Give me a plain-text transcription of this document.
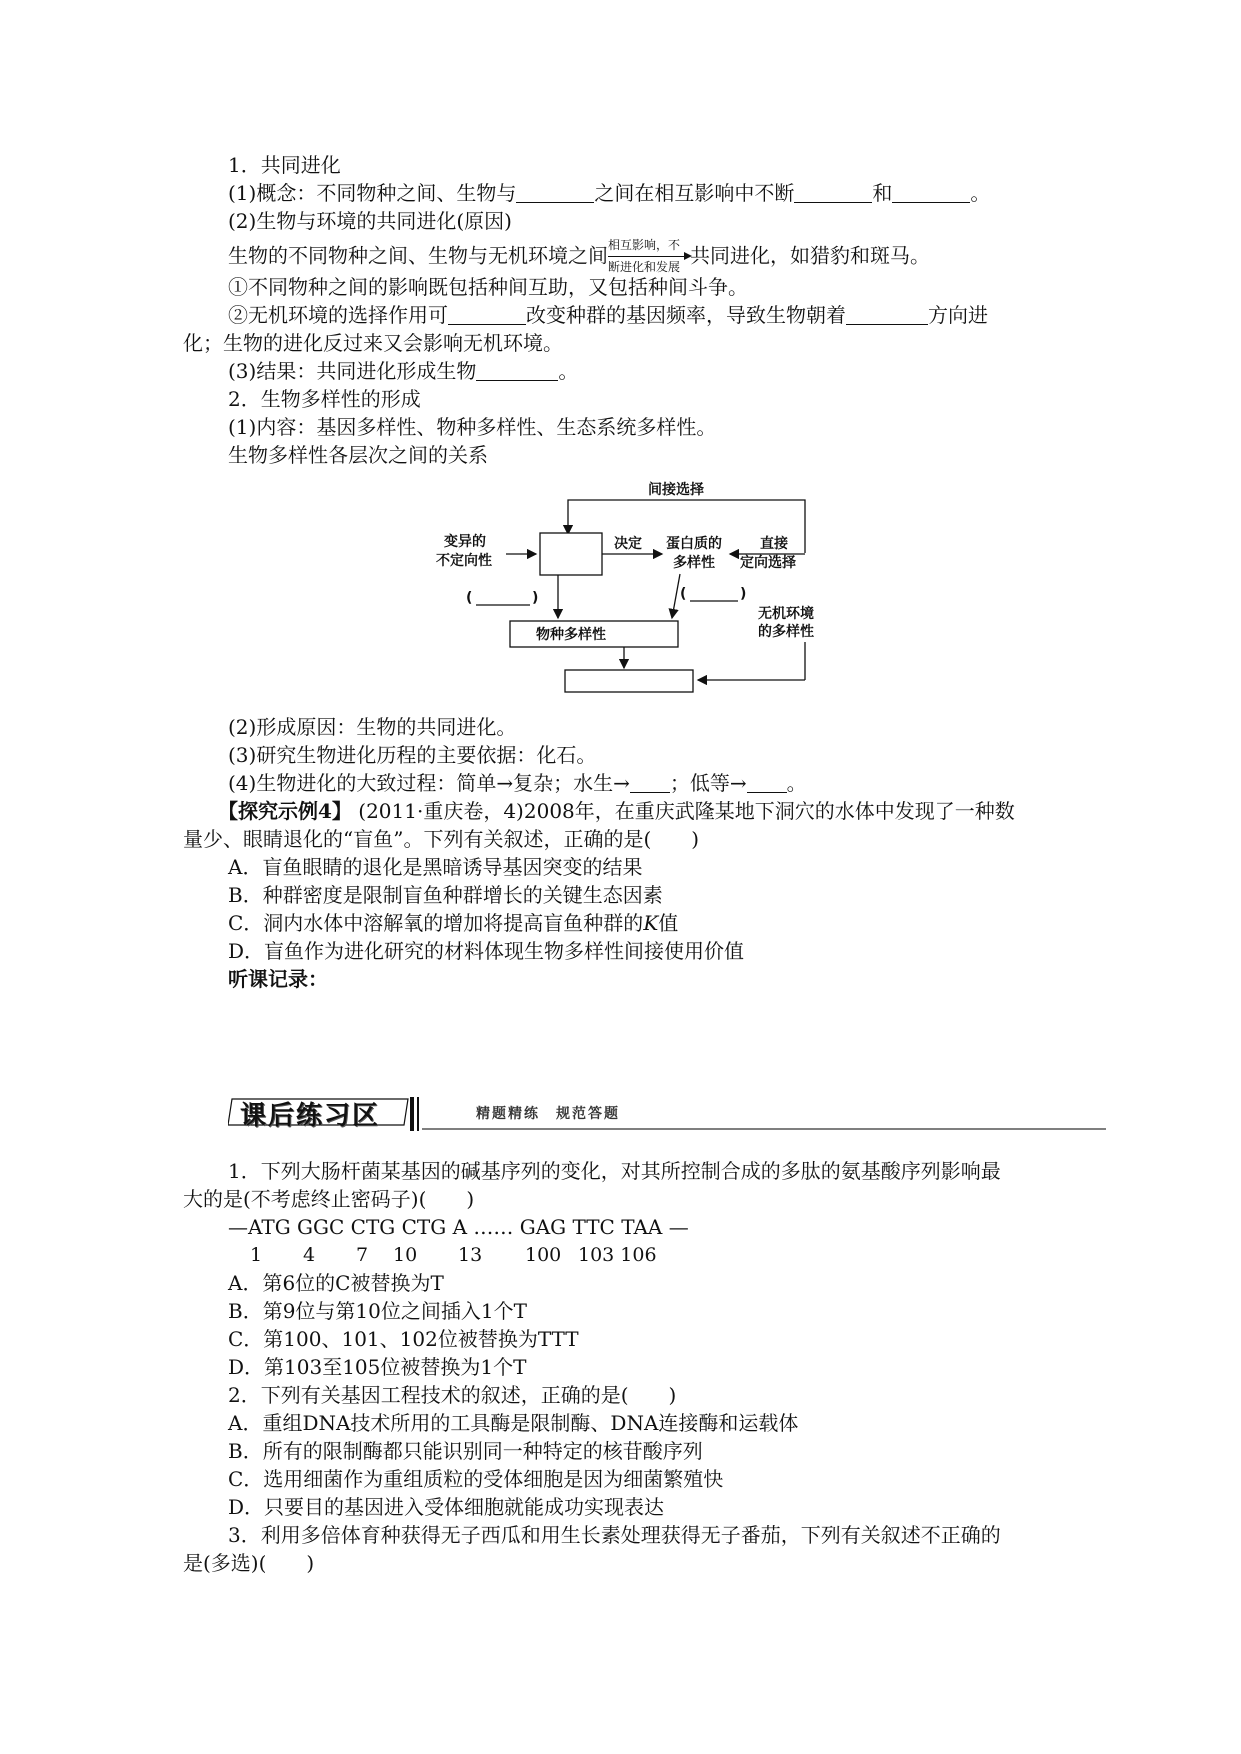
1．共同进化
(1)概念：不同物种之间、生物与	之间在相互影响中不断	和	。
(2)生物与环境的共同进化(原因)
生物的不同物种之间、生物与无机环境之间 相互影响，不
断进化和发展 共同进化，如猎豹和斑马。
①不同物种之间的影响既包括种间互助，又包括种间斗争。
②无机环境的选择作用可	改变种群的基因频率，导致生物朝着	方向进
化；生物的进化反过来又会影响无机环境。
(3)结果：共同进化形成生物	。
2．生物多样性的形成
(1)内容：基因多样性、物种多样性、生态系统多样性。
生物多样性各层次之间的关系
间接选择
变异的
不定向性
决定 蛋白质的
多样性
直接
定向选择
(	)	(	)
物种多样性
无机环境
的多样性
(2)形成原因：生物的共同进化。
(3)研究生物进化历程的主要依据：化石。
(4)生物进化的大致过程：简单→复杂；水生→ ；低等→ 。
【探究示例4】 (2011·重庆卷，4)2008年，在重庆武隆某地下洞穴的水体中发现了一种数
量少、眼睛退化的“盲鱼”。下列有关叙述，正确的是(　　)
A．盲鱼眼睛的退化是黑暗诱导基因突变的结果
B．种群密度是限制盲鱼种群增长的关键生态因素
C．洞内水体中溶解氧的增加将提高盲鱼种群的K值
D．盲鱼作为进化研究的材料体现生物多样性间接使用价值
听课记录：
课后练习区	精题精练　规范答题
1．下列大肠杆菌某基因的碱基序列的变化，对其所控制合成的多肽的氨基酸序列影响最
大的是(不考虑终止密码子)(　　)
—ATG GGC CTG CTG A …… GAG TTC TAA —
1 4 7 10 13 100 103 106
A．第6位的C被替换为T
B．第9位与第10位之间插入1个T
C．第100、101、102位被替换为TTT
D．第103至105位被替换为1个T
2．下列有关基因工程技术的叙述，正确的是(　　)
A．重组DNA技术所用的工具酶是限制酶、DNA连接酶和运载体
B．所有的限制酶都只能识别同一种特定的核苷酸序列
C．选用细菌作为重组质粒的受体细胞是因为细菌繁殖快
D．只要目的基因进入受体细胞就能成功实现表达
3．利用多倍体育种获得无子西瓜和用生长素处理获得无子番茄，下列有关叙述不正确的
是(多选)(　　)
